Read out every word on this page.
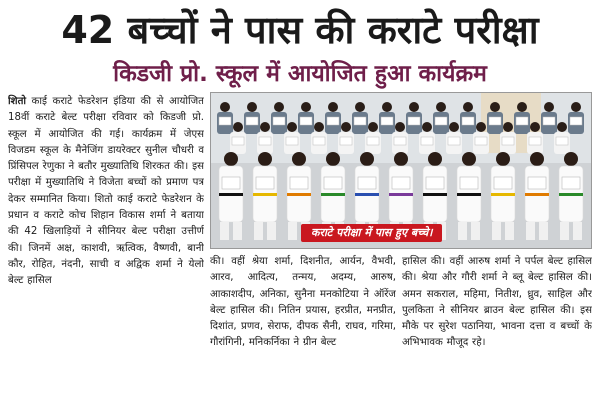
42 बच्चों ने पास की कराटे परीक्षा
किडजी प्रो. स्कूल में आयोजित हुआ कार्यक्रम
शितो काई कराटे फेडरेशन इंडिया की से आयोजित 18वीं कराटे बेल्ट परीक्षा रविवार को किडजी प्रो. स्कूल में आयोजित की गई। कार्यक्रम में जेएस विजडम स्कूल के मैनेजिंग डायरेक्टर सुनील चौधरी व प्रिंसिपल रेणुका ने बतौर मुख्यातिथि शिरकत की। इस परीक्षा में मुख्यातिथि ने विजेता बच्चों को प्रमाण पत्र देकर सम्मानित किया। शितो काई कराटे फेडरेशन के प्रधान व कराटे कोच शिहान विकास शर्मा ने बताया की 42 खिलाड़ियों ने सीनियर बेल्ट परीक्षा उत्तीर्ण की। जिनमें अक्ष, काशवी, ऋत्विक, वैष्णवी, बानी कौर, रोहित, नंदनी, साची व अद्विक शर्मा ने येलो बेल्ट हासिल
कराटे परीक्षा में पास हुए बच्चे।
की। वहीं श्रेया शर्मा, दिशनीत, आर्यन, वैभवी, आरव, आदित्य, तन्मय, अदम्य, आरुष, आकाशदीप, अनिका, सुनैना मनकोटिया ने ऑरेंज बेल्ट हासिल की। नितिन प्रयास, हरप्रीत, मनप्रीत, दिशांत, प्रणव, सेराफ, दीपक सैनी, राघव, गरिमा, गौरांगिनी, मनिकर्निका ने ग्रीन बेल्ट
हासिल की। वहीं आरुष शर्मा ने पर्पल बेल्ट हासिल की। श्रेया और गौरी शर्मा ने ब्लू बेल्ट हासिल की। अमन सकराल, महिमा, नितीश, ध्रुव, साहिल और पुलकिता ने सीनियर ब्राउन बेल्ट हासिल की। इस मौके पर सुरेश पठानिया, भावना दत्ता व बच्चों के अभिभावक मौजूद रहे।
